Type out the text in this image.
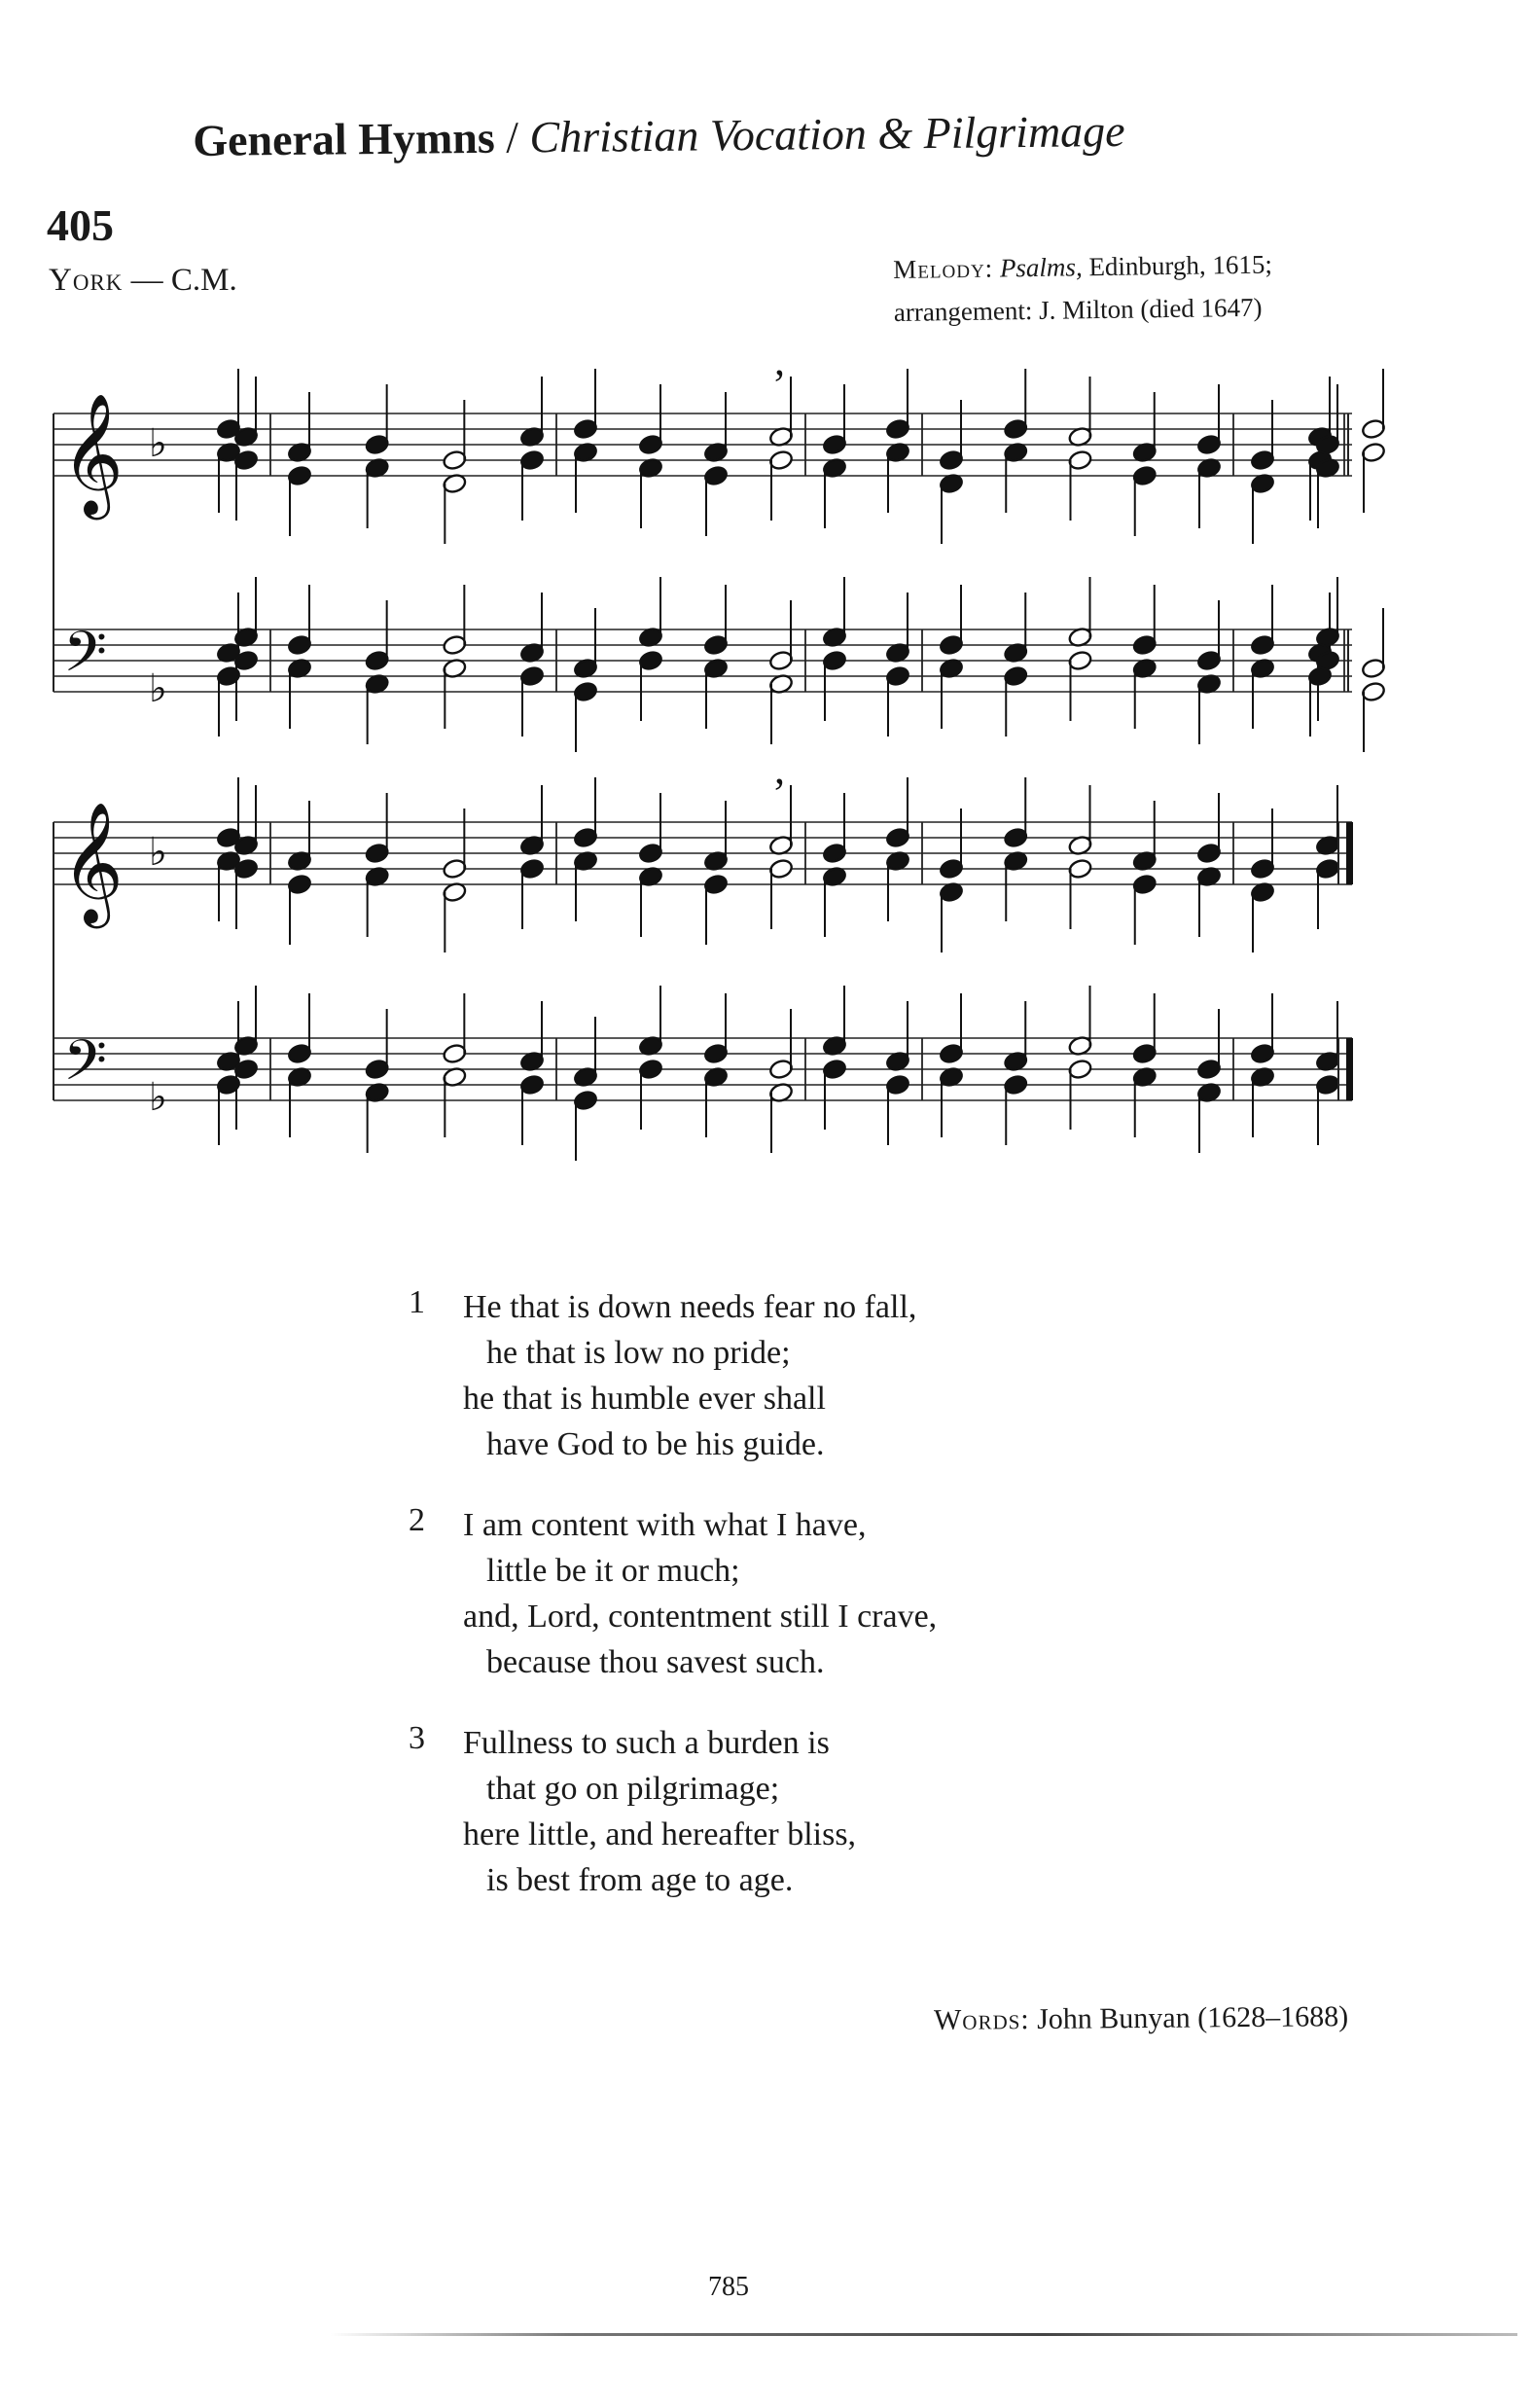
General Hymns / Christian Vocation & Pilgrimage
405
York — C.M.	Melody: Psalms, Edinburgh, 1615;
arrangement: J. Milton (died 1647)
𝄞 ♭
𝄢 ♭
,
𝄞 ♭
𝄢 ♭
,
1 He that is down needs fear no fall,
he that is low no pride;
he that is humble ever shall
have God to be his guide.
2 I am content with what I have,
little be it or much;
and, Lord, contentment still I crave,
because thou savest such.
3 Fullness to such a burden is
that go on pilgrimage;
here little, and hereafter bliss,
is best from age to age.
Words: John Bunyan (1628–1688)
785
